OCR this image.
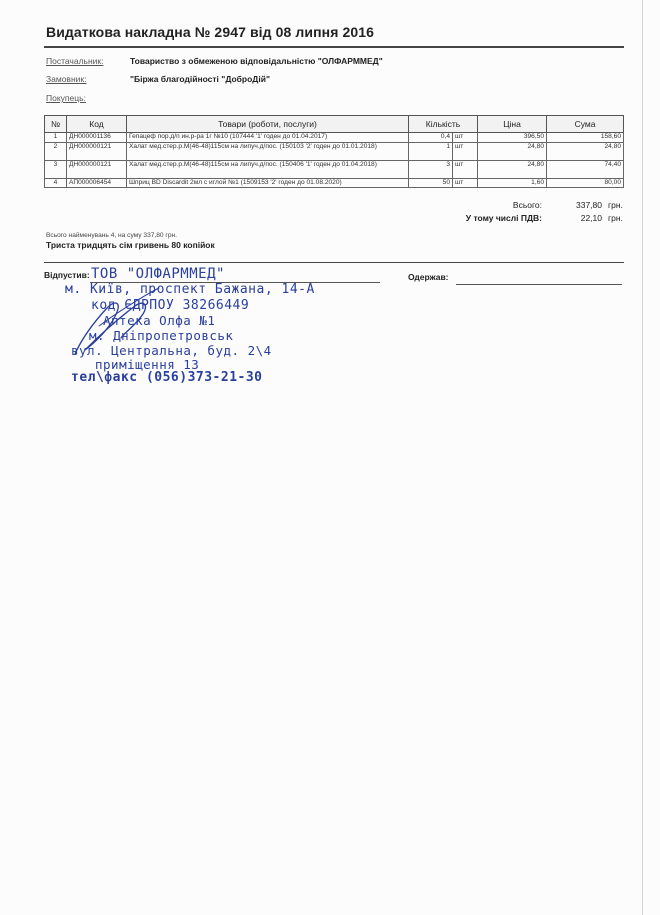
Видаткова накладна № 2947 від 08 липня 2016
Постачальник:	Товариство з обмеженою відповідальністю "ОЛФАРММЕД"
Замовник:	"Біржа благодійності "ДоброДій"
Покупець:
№	Код	Товари (роботи, послуги)	Кількість		Ціна	Сума
1	ДН000001136	Гепацеф пор.д/п ин.р-ра 1г №10 (107444 '1' годен до 01.04.2017)	0,4	шт	396,50	158,60
2	ДН000000121	Халат мед.стер.р.M(46-48)115см на липуч.д/пос. (150103 '2' годен до 01.01.2018)	1	шт	24,80	24,80
3	ДН000000121	Халат мед.стер.р.M(46-48)115см на липуч.д/пос. (150406 '1' годен до 01.04.2018)	3	шт	24,80	74,40
4	АП000006454	Шприц BD Discardit 2мл с иглой №1 (1509153 '2' годен до 01.08.2020)	50	шт	1,60	80,00
Всього:	337,80 грн.
У тому числі ПДВ:	22,10 грн.
Всього найменувань 4, на суму 337,80 грн.
Триста тридцять сім гривень 80 копійок
Відпустив:	Одержав:
ТОВ "ОЛФАРММЕД"
м. Київ, проспект Бажана, 14-А
код ЄДРПОУ 38266449
Аптека Олфа №1
м. Дніпропетровськ
вул. Центральна, буд. 2\4
приміщення 13
тел\факс (056)373-21-30
